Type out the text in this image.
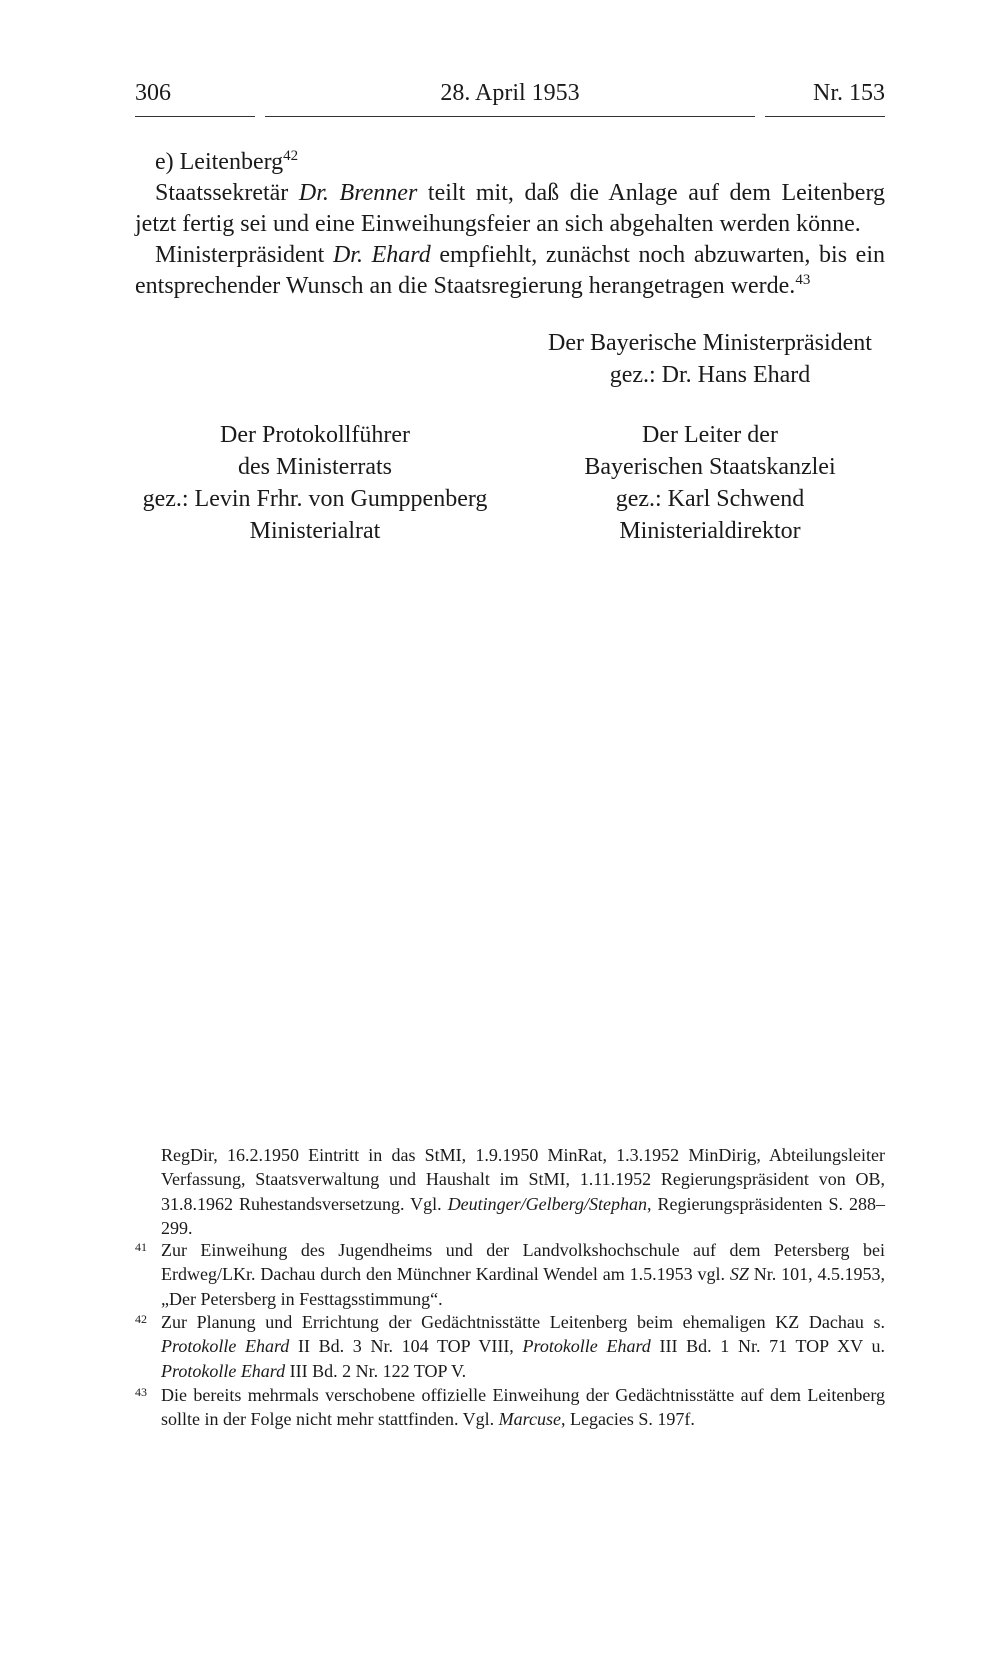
306	28. April 1953	Nr. 153

e) Leitenberg$^{42}$

Staatssekretär Dr. Brenner teilt mit, daß die Anlage auf dem Leitenberg jetzt fertig sei und eine Einweihungsfeier an sich abgehalten werden könne.

Ministerpräsident Dr. Ehard empfiehlt, zunächst noch abzuwarten, bis ein entsprechender Wunsch an die Staatsregierung herangetragen werde.$^{43}$

Der Bayerische Ministerpräsident
gez.: Dr. Hans Ehard
Der Protokollführer
des Ministerrats
gez.: Levin Frhr. von Gumppenberg
Ministerialrat
Der Leiter der
Bayerischen Staatskanzlei
gez.: Karl Schwend
Ministerialdirektor
RegDir, 16.2.1950 Eintritt in das StMI, 1.9.1950 MinRat, 1.3.1952 MinDirig, Abteilungsleiter Verfassung, Staatsverwaltung und Haushalt im StMI, 1.11.1952 Regierungspräsident von OB, 31.8.1962 Ruhestandsversetzung. Vgl. Deutinger/Gelberg/Stephan, Regierungspräsidenten S. 288–299.
41 Zur Einweihung des Jugendheims und der Landvolkshochschule auf dem Petersberg bei Erdweg/LKr. Dachau durch den Münchner Kardinal Wendel am 1.5.1953 vgl. SZ Nr. 101, 4.5.1953, „Der Petersberg in Festtagsstimmung“.
42 Zur Planung und Errichtung der Gedächtnisstätte Leitenberg beim ehemaligen KZ Dachau s. Protokolle Ehard II Bd. 3 Nr. 104 TOP VIII, Protokolle Ehard III Bd. 1 Nr. 71 TOP XV u. Protokolle Ehard III Bd. 2 Nr. 122 TOP V.
43 Die bereits mehrmals verschobene offizielle Einweihung der Gedächtnisstätte auf dem Leitenberg sollte in der Folge nicht mehr stattfinden. Vgl. Marcuse, Legacies S. 197f.
